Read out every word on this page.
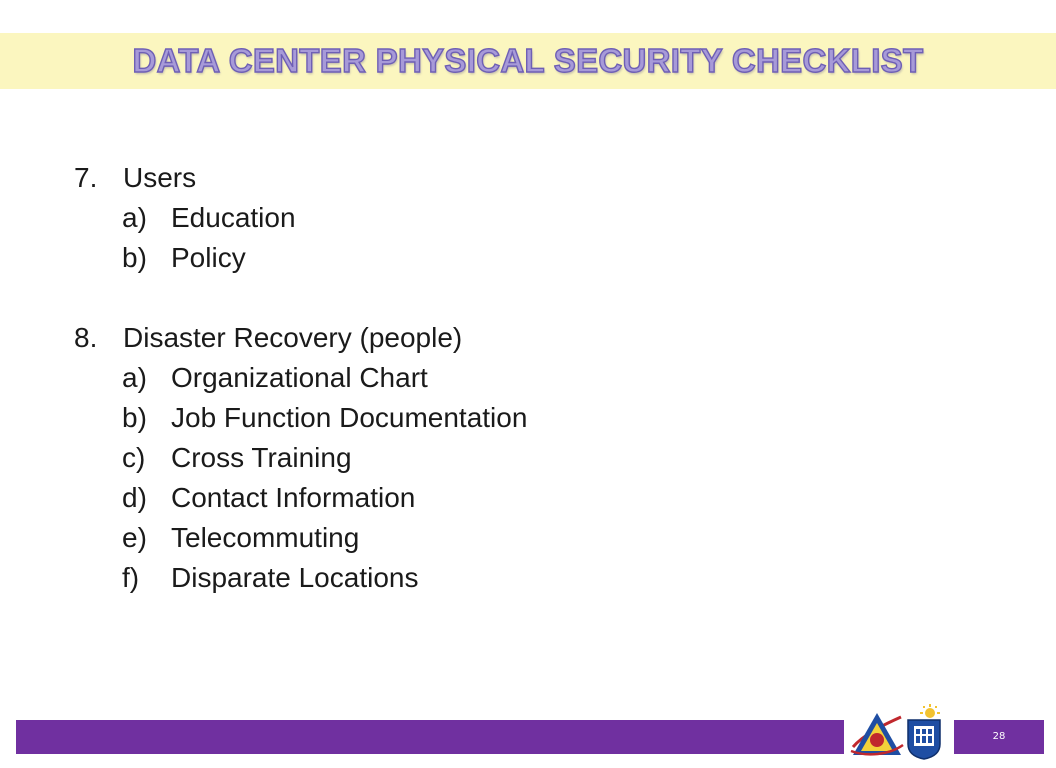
DATA CENTER PHYSICAL SECURITY CHECKLIST
7. Users
a) Education
b) Policy
8. Disaster Recovery (people)
a) Organizational Chart
b) Job Function Documentation
c) Cross Training
d) Contact Information
e) Telecommuting
f) Disparate Locations
28
